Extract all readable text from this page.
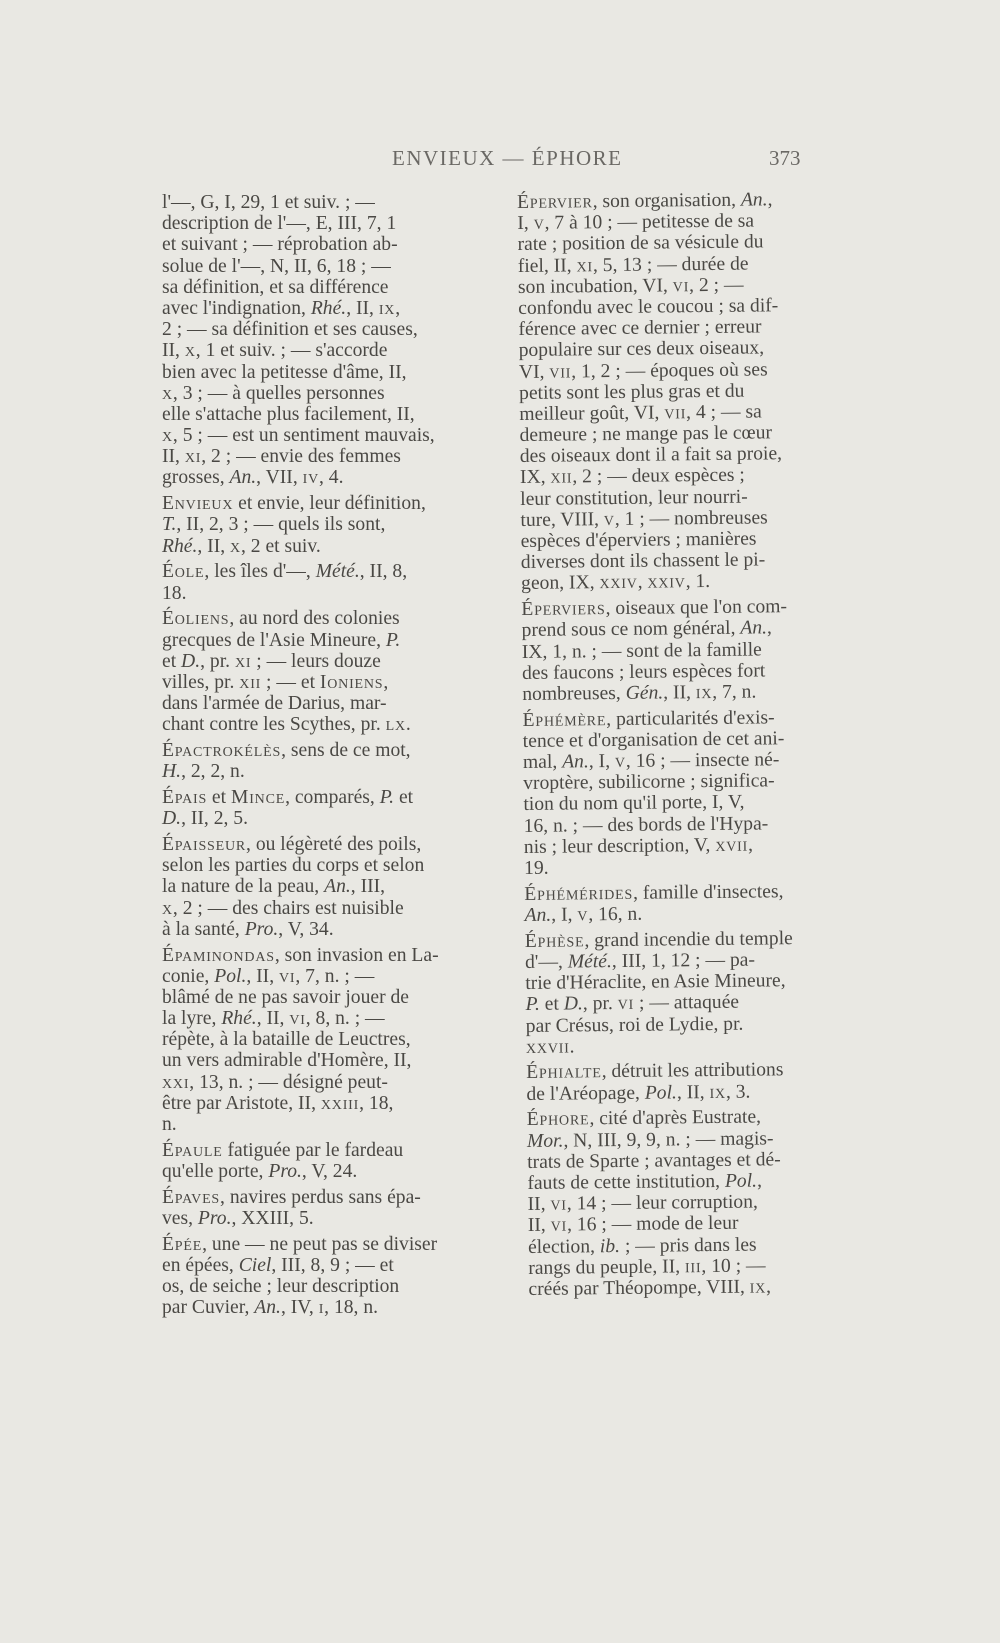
ENVIEUX — ÉPHORE	373

l'—, G, I, 29, 1 et suiv. ; —
description de l'—, E, III, 7, 1
et suivant ; — réprobation ab-
solue de l'—, N, II, 6, 18 ; —
sa définition, et sa différence
avec l'indignation, Rhé., II, ix,
2 ; — sa définition et ses causes,
II, x, 1 et suiv. ; — s'accorde
bien avec la petitesse d'âme, II,
x, 3 ; — à quelles personnes
elle s'attache plus facilement, II,
x, 5 ; — est un sentiment mauvais,
II, xi, 2 ; — envie des femmes
grosses, An., VII, iv, 4.

Envieux et envie, leur définition,
T., II, 2, 3 ; — quels ils sont,
Rhé., II, x, 2 et suiv.

Éole, les îles d'—, Mété., II, 8,
18.

Éoliens, au nord des colonies
grecques de l'Asie Mineure, P.
et D., pr. xi ; — leurs douze
villes, pr. xii ; — et Ioniens,
dans l'armée de Darius, mar-
chant contre les Scythes, pr. lx.

Épactrokélès, sens de ce mot,
H., 2, 2, n.

Épais et Mince, comparés, P. et
D., II, 2, 5.

Épaisseur, ou légèreté des poils,
selon les parties du corps et selon
la nature de la peau, An., III,
x, 2 ; — des chairs est nuisible
à la santé, Pro., V, 34.

Épaminondas, son invasion en La-
conie, Pol., II, vi, 7, n. ; —
blâmé de ne pas savoir jouer de
la lyre, Rhé., II, vi, 8, n. ; —
répète, à la bataille de Leuctres,
un vers admirable d'Homère, II,
xxi, 13, n. ; — désigné peut-
être par Aristote, II, xxiii, 18,
n.

Épaule fatiguée par le fardeau
qu'elle porte, Pro., V, 24.

Épaves, navires perdus sans épa-
ves, Pro., XXIII, 5.

Épée, une — ne peut pas se diviser
en épées, Ciel, III, 8, 9 ; — et
os, de seiche ; leur description
par Cuvier, An., IV, i, 18, n.

Épervier, son organisation, An.,
I, v, 7 à 10 ; — petitesse de sa
rate ; position de sa vésicule du
fiel, II, xi, 5, 13 ; — durée de
son incubation, VI, vi, 2 ; —
confondu avec le coucou ; sa dif-
férence avec ce dernier ; erreur
populaire sur ces deux oiseaux,
VI, vii, 1, 2 ; — époques où ses
petits sont les plus gras et du
meilleur goût, VI, vii, 4 ; — sa
demeure ; ne mange pas le cœur
des oiseaux dont il a fait sa proie,
IX, xii, 2 ; — deux espèces ;
leur constitution, leur nourri-
ture, VIII, v, 1 ; — nombreuses
espèces d'éperviers ; manières
diverses dont ils chassent le pi-
geon, IX, xxiv, xxiv, 1.

Éperviers, oiseaux que l'on com-
prend sous ce nom général, An.,
IX, 1, n. ; — sont de la famille
des faucons ; leurs espèces fort
nombreuses, Gén., II, ix, 7, n.

Éphémère, particularités d'exis-
tence et d'organisation de cet ani-
mal, An., I, v, 16 ; — insecte né-
vroptère, subilicorne ; significa-
tion du nom qu'il porte, I, V,
16, n. ; — des bords de l'Hypa-
nis ; leur description, V, xvii,
19.

Éphémérides, famille d'insectes,
An., I, v, 16, n.

Éphèse, grand incendie du temple
d'—, Mété., III, 1, 12 ; — pa-
trie d'Héraclite, en Asie Mineure,
P. et D., pr. vi ; — attaquée
par Crésus, roi de Lydie, pr.
xxvii.

Éphialte, détruit les attributions
de l'Aréopage, Pol., II, ix, 3.

Éphore, cité d'après Eustrate,
Mor., N, III, 9, 9, n. ; — magis-
trats de Sparte ; avantages et dé-
fauts de cette institution, Pol.,
II, vi, 14 ; — leur corruption,
II, vi, 16 ; — mode de leur
élection, ib. ; — pris dans les
rangs du peuple, II, iii, 10 ; —
créés par Théopompe, VIII, ix,
